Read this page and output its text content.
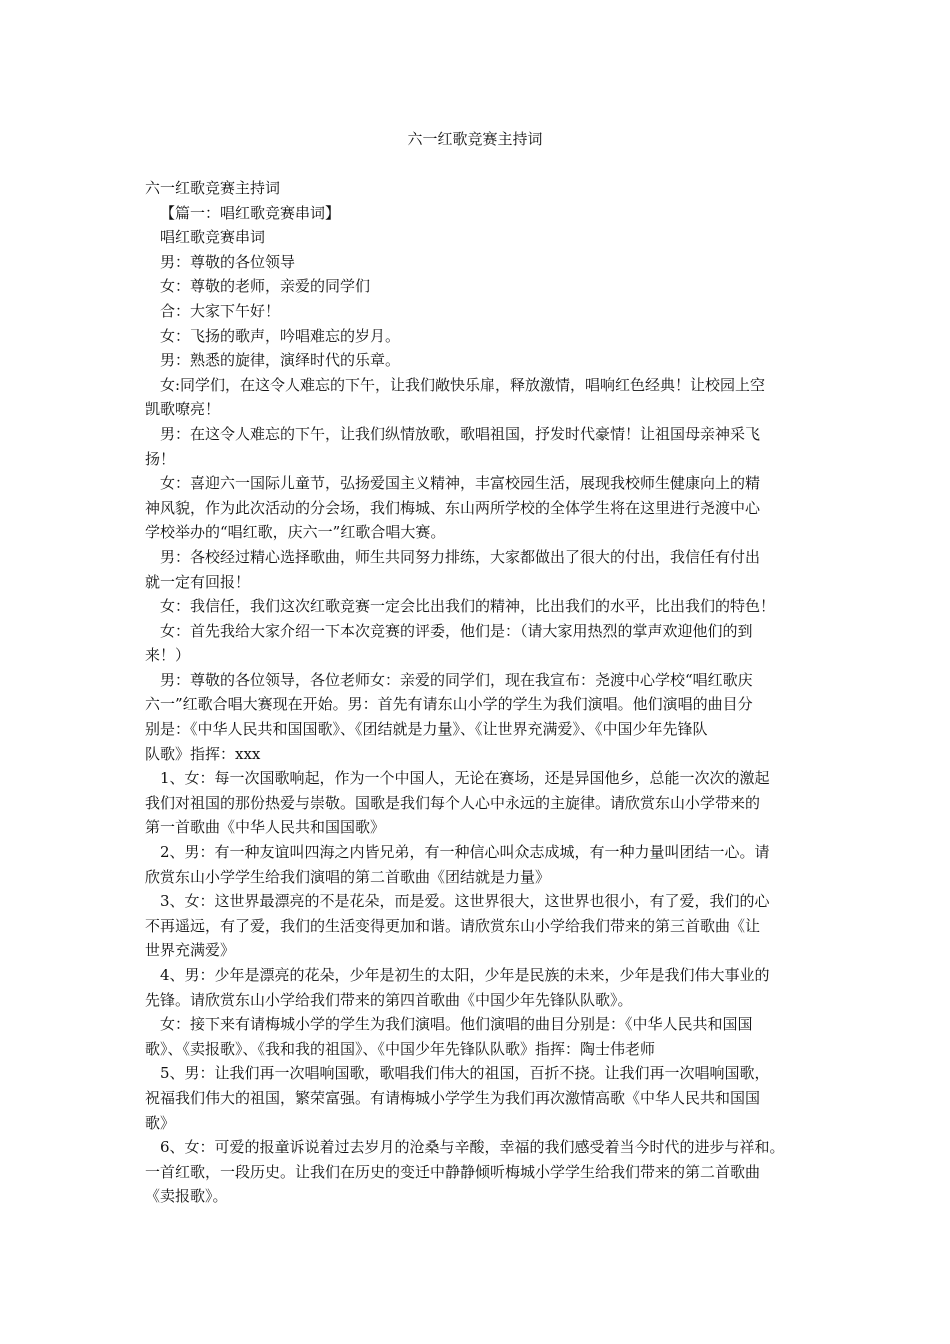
六一红歌竞赛主持词

六一红歌竞赛主持词

【篇一：唱红歌竞赛串词】

唱红歌竞赛串词

男：尊敬的各位领导

女：尊敬的老师，亲爱的同学们

合：大家下午好！

女：飞扬的歌声，吟唱难忘的岁月。

男：熟悉的旋律，演绎时代的乐章。

女:同学们，在这令人难忘的下午，让我们敞快乐扉，释放激情，唱响红色经典！让校园上空

凯歌嘹亮！

男：在这令人难忘的下午，让我们纵情放歌，歌唱祖国，抒发时代豪情！让祖国母亲神采飞

扬！

女：喜迎六一国际儿童节，弘扬爱国主义精神，丰富校园生活，展现我校师生健康向上的精

神风貌，作为此次活动的分会场，我们梅城、东山两所学校的全体学生将在这里进行尧渡中心

学校举办的“唱红歌，庆六一”红歌合唱大赛。

男：各校经过精心选择歌曲，师生共同努力排练，大家都做出了很大的付出，我信任有付出

就一定有回报！

女：我信任，我们这次红歌竞赛一定会比出我们的精神，比出我们的水平，比出我们的特色！

女：首先我给大家介绍一下本次竞赛的评委，他们是：（请大家用热烈的掌声欢迎他们的到

来！）

男：尊敬的各位领导，各位老师女：亲爱的同学们，现在我宣布：尧渡中心学校“唱红歌庆

六一”红歌合唱大赛现在开始。男：首先有请东山小学的学生为我们演唱。他们演唱的曲目分

别是：《中华人民共和国国歌》、《团结就是力量》、《让世界充满爱》、《中国少年先锋队

队歌》指挥：xxx

1、女：每一次国歌响起，作为一个中国人，无论在赛场，还是异国他乡，总能一次次的激起

我们对祖国的那份热爱与崇敬。国歌是我们每个人心中永远的主旋律。请欣赏东山小学带来的

第一首歌曲《中华人民共和国国歌》

2、男：有一种友谊叫四海之内皆兄弟，有一种信心叫众志成城，有一种力量叫团结一心。请

欣赏东山小学学生给我们演唱的第二首歌曲《团结就是力量》

3、女：这世界最漂亮的不是花朵，而是爱。这世界很大，这世界也很小，有了爱，我们的心

不再遥远，有了爱，我们的生活变得更加和谐。请欣赏东山小学给我们带来的第三首歌曲《让

世界充满爱》

4、男：少年是漂亮的花朵，少年是初生的太阳，少年是民族的未来，少年是我们伟大事业的

先锋。请欣赏东山小学给我们带来的第四首歌曲《中国少年先锋队队歌》。

女：接下来有请梅城小学的学生为我们演唱。他们演唱的曲目分别是：《中华人民共和国国

歌》、《卖报歌》、《我和我的祖国》、《中国少年先锋队队歌》指挥：陶士伟老师

5、男：让我们再一次唱响国歌，歌唱我们伟大的祖国，百折不挠。让我们再一次唱响国歌，

祝福我们伟大的祖国，繁荣富强。有请梅城小学学生为我们再次激情高歌《中华人民共和国国

歌》

6、女：可爱的报童诉说着过去岁月的沧桑与辛酸，幸福的我们感受着当今时代的进步与祥和。

一首红歌，一段历史。让我们在历史的变迁中静静倾听梅城小学学生给我们带来的第二首歌曲

《卖报歌》。
